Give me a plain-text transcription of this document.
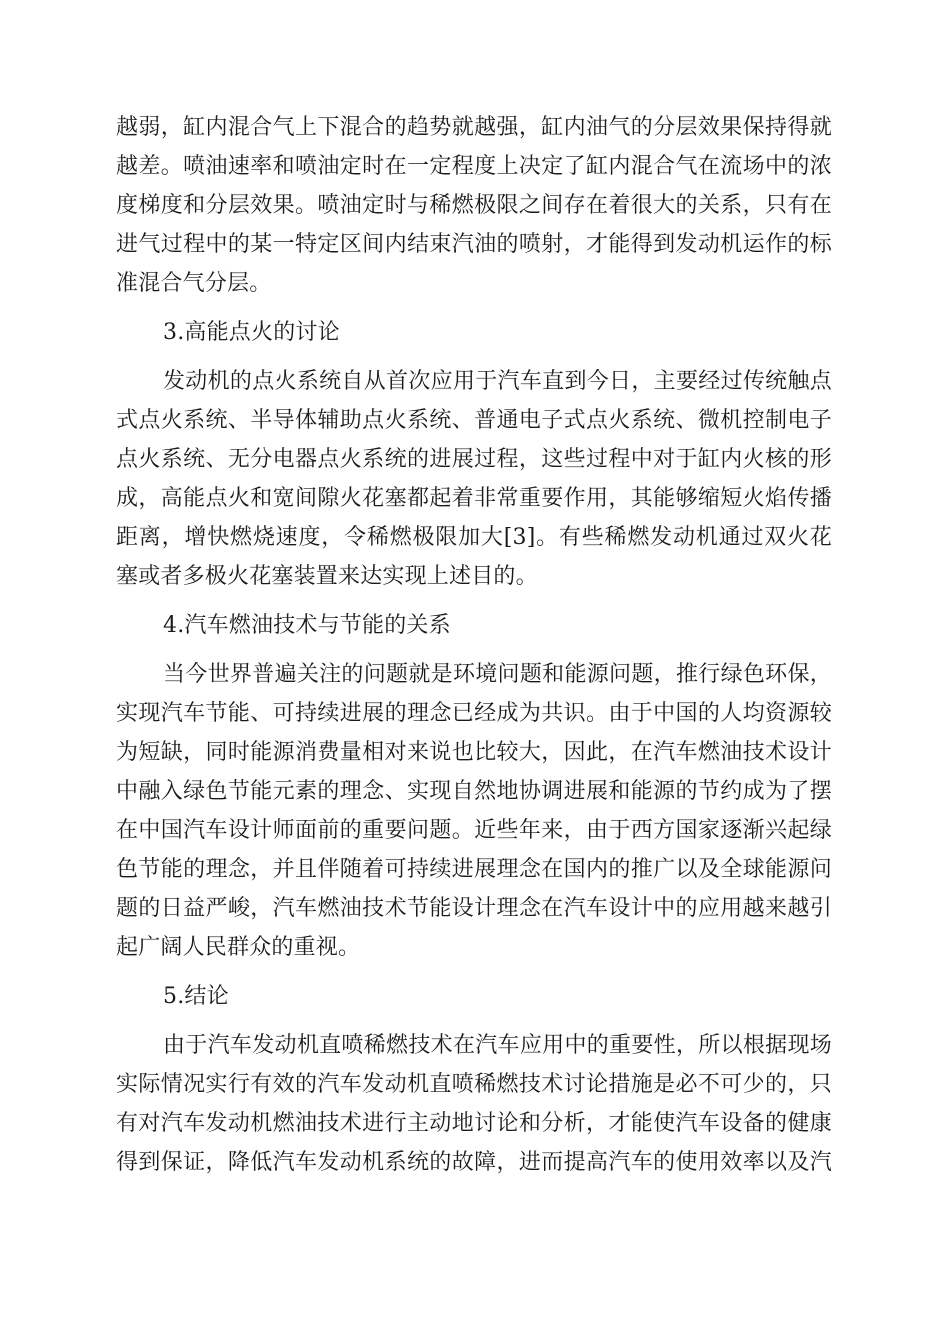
越弱，缸内混合气上下混合的趋势就越强，缸内油气的分层效果保持得就
越差。喷油速率和喷油定时在一定程度上决定了缸内混合气在流场中的浓
度梯度和分层效果。喷油定时与稀燃极限之间存在着很大的关系，只有在
进气过程中的某一特定区间内结束汽油的喷射，才能得到发动机运作的标
准混合气分层。
3.高能点火的讨论
发动机的点火系统自从首次应用于汽车直到今日，主要经过传统触点
式点火系统、半导体辅助点火系统、普通电子式点火系统、微机控制电子
点火系统、无分电器点火系统的进展过程，这些过程中对于缸内火核的形
成，高能点火和宽间隙火花塞都起着非常重要作用，其能够缩短火焰传播
距离，增快燃烧速度，令稀燃极限加大[3]。有些稀燃发动机通过双火花
塞或者多极火花塞装置来达实现上述目的。
4.汽车燃油技术与节能的关系
当今世界普遍关注的问题就是环境问题和能源问题，推行绿色环保，
实现汽车节能、可持续进展的理念已经成为共识。由于中国的人均资源较
为短缺，同时能源消费量相对来说也比较大，因此，在汽车燃油技术设计
中融入绿色节能元素的理念、实现自然地协调进展和能源的节约成为了摆
在中国汽车设计师面前的重要问题。近些年来，由于西方国家逐渐兴起绿
色节能的理念，并且伴随着可持续进展理念在国内的推广以及全球能源问
题的日益严峻，汽车燃油技术节能设计理念在汽车设计中的应用越来越引
起广阔人民群众的重视。
5.结论
由于汽车发动机直喷稀燃技术在汽车应用中的重要性，所以根据现场
实际情况实行有效的汽车发动机直喷稀燃技术讨论措施是必不可少的，只
有对汽车发动机燃油技术进行主动地讨论和分析，才能使汽车设备的健康
得到保证，降低汽车发动机系统的故障，进而提高汽车的使用效率以及汽
